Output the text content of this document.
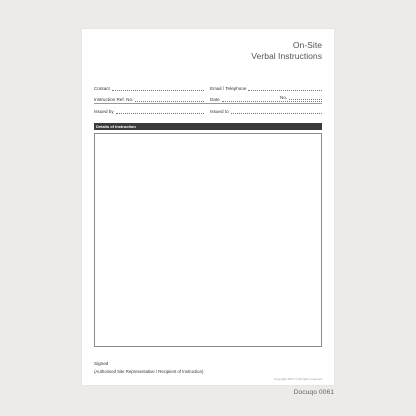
On-Site
Verbal Instructions
No.
Contact	Email / Telephone
Instruction Ref. No.	Date
Issued by	Issued to
Details of Instruction
Signed
(Authorised Site Representative / Recipient of Instruction)
Copyright 2021 © All rights reserved
Docuqo 0061
